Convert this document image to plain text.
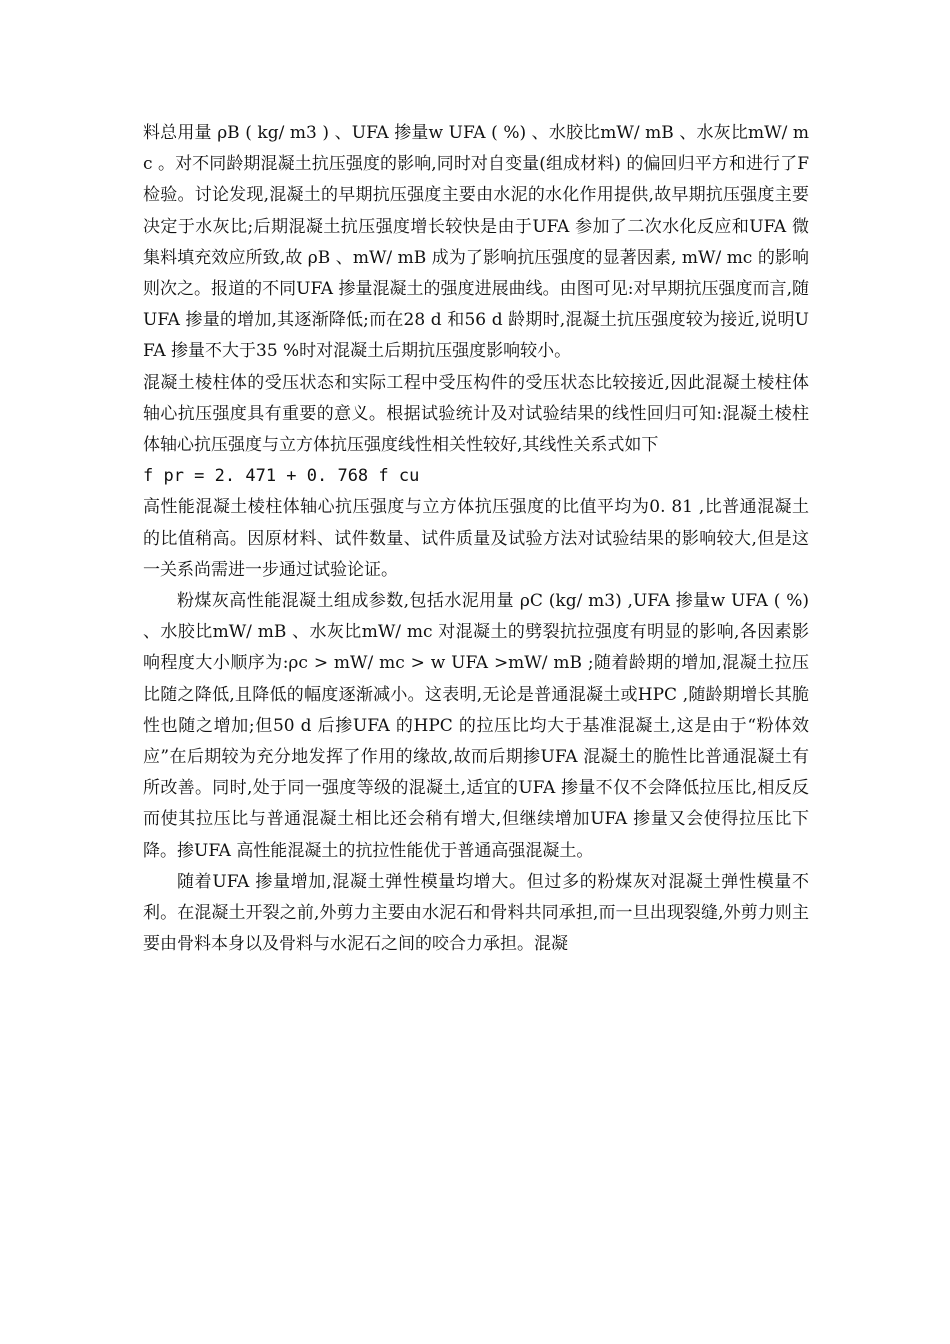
料总用量 ρB ( kg/ m3 ) 、UFA 掺量w UFA ( %) 、水胶比mW/ mB 、水灰比mW/ mc 。对不同龄期混凝土抗压强度的影响,同时对自变量(组成材料) 的偏回归平方和进行了F 检验。讨论发现,混凝土的早期抗压强度主要由水泥的水化作用提供,故早期抗压强度主要决定于水灰比;后期混凝土抗压强度增长较快是由于UFA 参加了二次水化反应和UFA 微集料填充效应所致,故 ρB 、mW/ mB 成为了影响抗压强度的显著因素, mW/ mc 的影响则次之。报道的不同UFA 掺量混凝土的强度进展曲线。由图可见:对早期抗压强度而言,随UFA 掺量的增加,其逐渐降低;而在28 d 和56 d 龄期时,混凝土抗压强度较为接近,说明UFA 掺量不大于35 %时对混凝土后期抗压强度影响较小。

混凝土棱柱体的受压状态和实际工程中受压构件的受压状态比较接近,因此混凝土棱柱体轴心抗压强度具有重要的意义。根据试验统计及对试验结果的线性回归可知:混凝土棱柱体轴心抗压强度与立方体抗压强度线性相关性较好,其线性关系式如下

f pr = 2. 471 + 0. 768 f cu

高性能混凝土棱柱体轴心抗压强度与立方体抗压强度的比值平均为0. 81 ,比普通混凝土的比值稍高。因原材料、试件数量、试件质量及试验方法对试验结果的影响较大,但是这一关系尚需进一步通过试验论证。

粉煤灰高性能混凝土组成参数,包括水泥用量 ρC (kg/ m3) ,UFA 掺量w UFA ( %) 、水胶比mW/ mB 、水灰比mW/ mc 对混凝土的劈裂抗拉强度有明显的影响,各因素影响程度大小顺序为:ρc > mW/ mc > w UFA >mW/ mB ;随着龄期的增加,混凝土拉压比随之降低,且降低的幅度逐渐减小。这表明,无论是普通混凝土或HPC ,随龄期增长其脆性也随之增加;但50 d 后掺UFA 的HPC 的拉压比均大于基准混凝土,这是由于“粉体效应”在后期较为充分地发挥了作用的缘故,故而后期掺UFA 混凝土的脆性比普通混凝土有所改善。同时,处于同一强度等级的混凝土,适宜的UFA 掺量不仅不会降低拉压比,相反反而使其拉压比与普通混凝土相比还会稍有增大,但继续增加UFA 掺量又会使得拉压比下降。掺UFA 高性能混凝土的抗拉性能优于普通高强混凝土。

随着UFA 掺量增加,混凝土弹性模量均增大。但过多的粉煤灰对混凝土弹性模量不利。在混凝土开裂之前,外剪力主要由水泥石和骨料共同承担,而一旦出现裂缝,外剪力则主要由骨料本身以及骨料与水泥石之间的咬合力承担。混凝
